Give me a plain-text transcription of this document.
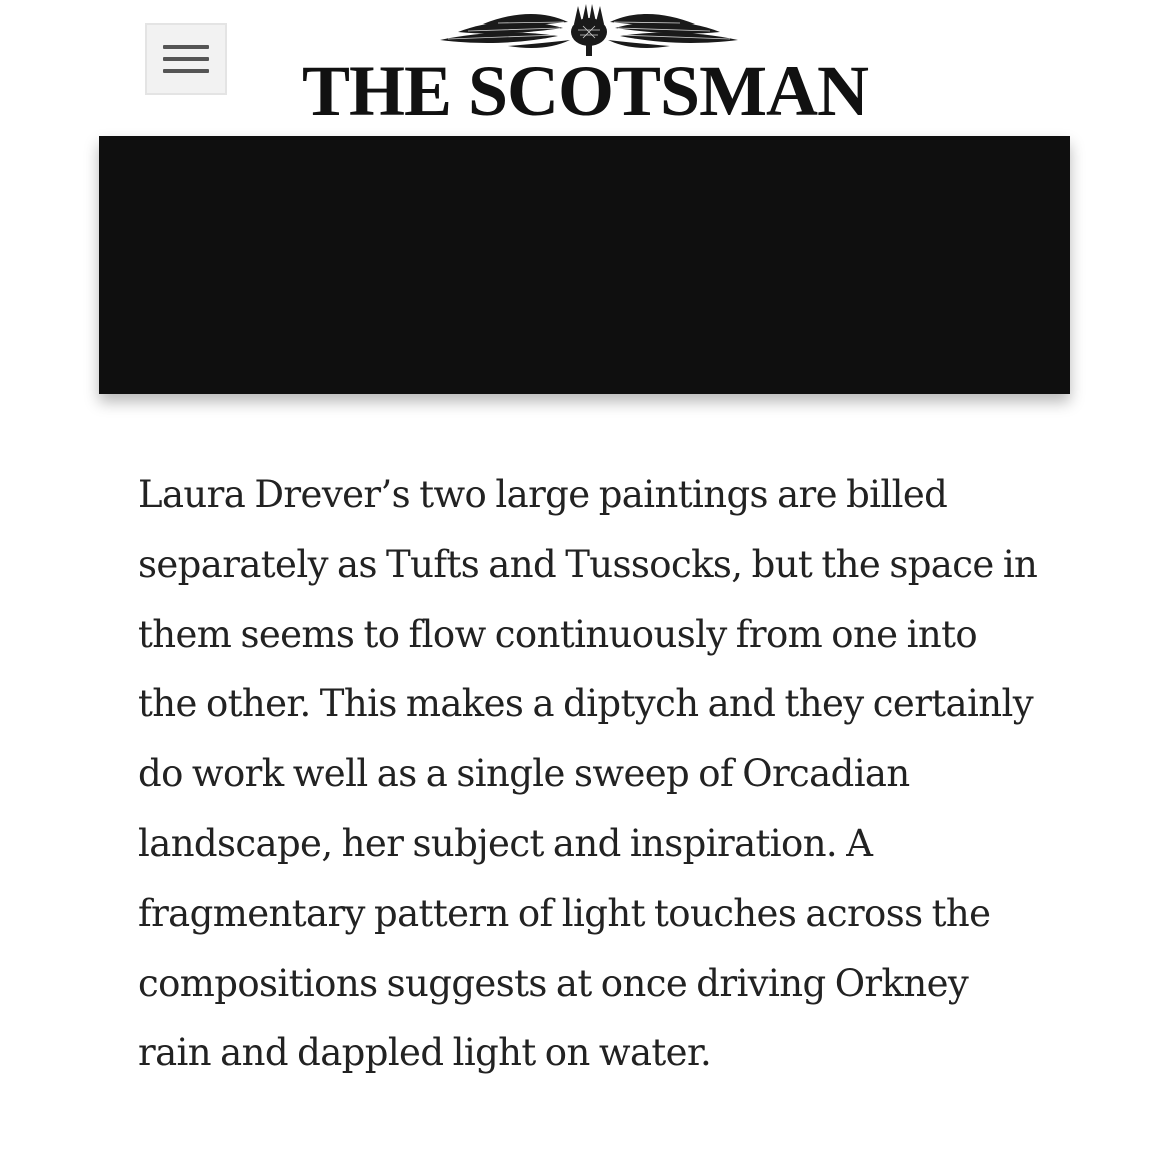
THE SCOTSMAN

Laura Drever’s two large paintings are billed separately as Tufts and Tussocks, but the space in them seems to flow continuously from one into the other. This makes a diptych and they certainly do work well as a single sweep of Orcadian landscape, her subject and inspiration. A fragmentary pattern of light touches across the compositions suggests at once driving Orkney rain and dappled light on water.
